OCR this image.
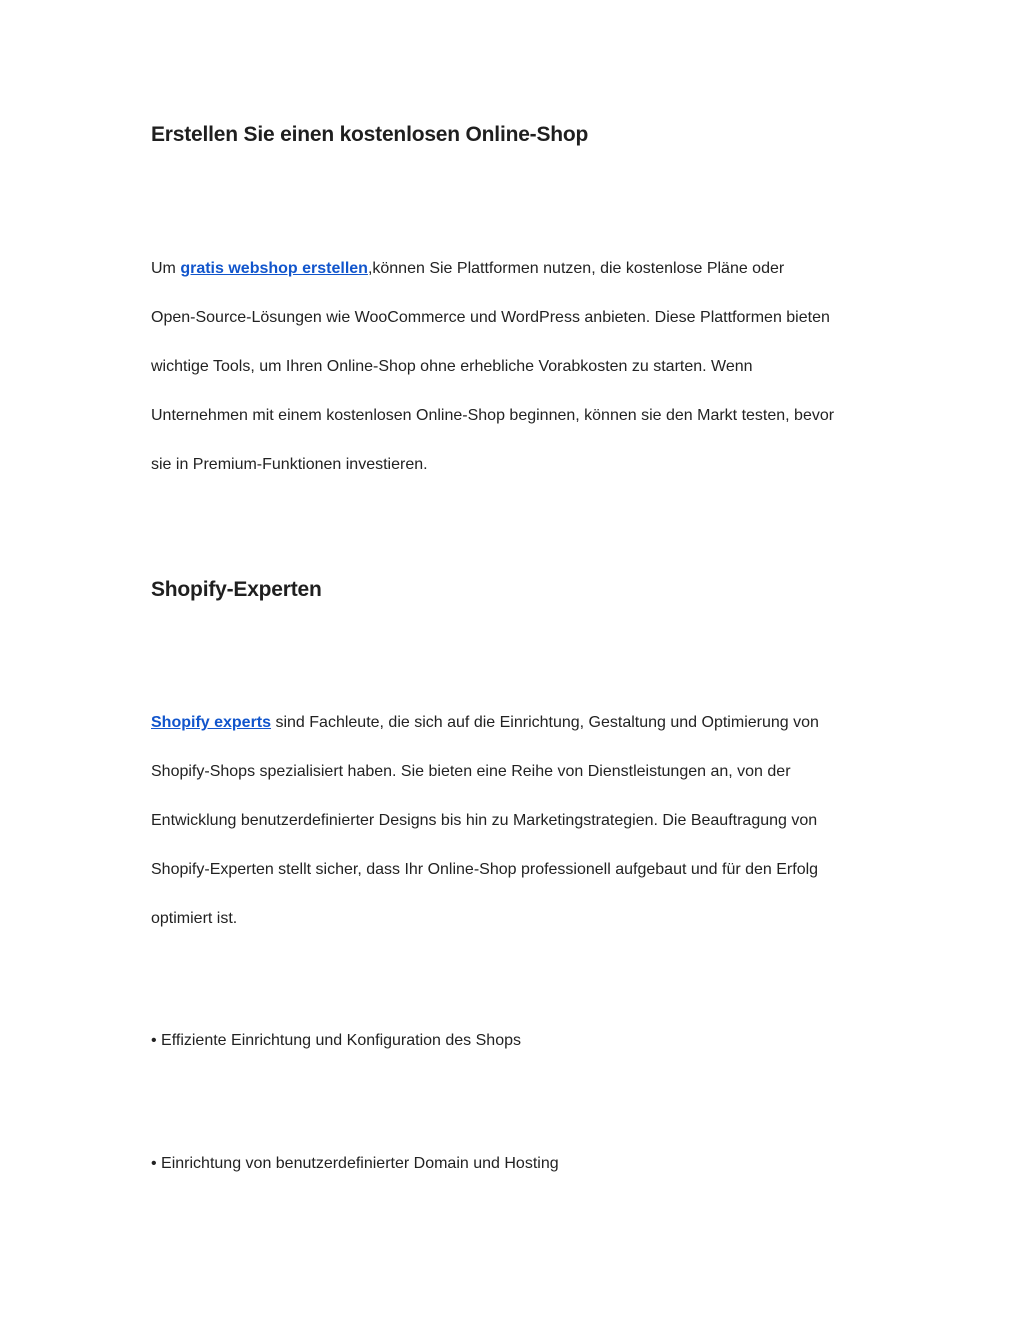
Erstellen Sie einen kostenlosen Online-Shop
Um gratis webshop erstellen,können Sie Plattformen nutzen, die kostenlose Pläne oder
Open-Source-Lösungen wie WooCommerce und WordPress anbieten. Diese Plattformen bieten
wichtige Tools, um Ihren Online-Shop ohne erhebliche Vorabkosten zu starten. Wenn
Unternehmen mit einem kostenlosen Online-Shop beginnen, können sie den Markt testen, bevor
sie in Premium-Funktionen investieren.
Shopify-Experten
Shopify experts sind Fachleute, die sich auf die Einrichtung, Gestaltung und Optimierung von
Shopify-Shops spezialisiert haben. Sie bieten eine Reihe von Dienstleistungen an, von der
Entwicklung benutzerdefinierter Designs bis hin zu Marketingstrategien. Die Beauftragung von
Shopify-Experten stellt sicher, dass Ihr Online-Shop professionell aufgebaut und für den Erfolg
optimiert ist.

• Effiziente Einrichtung und Konfiguration des Shops

• Einrichtung von benutzerdefinierter Domain und Hosting
